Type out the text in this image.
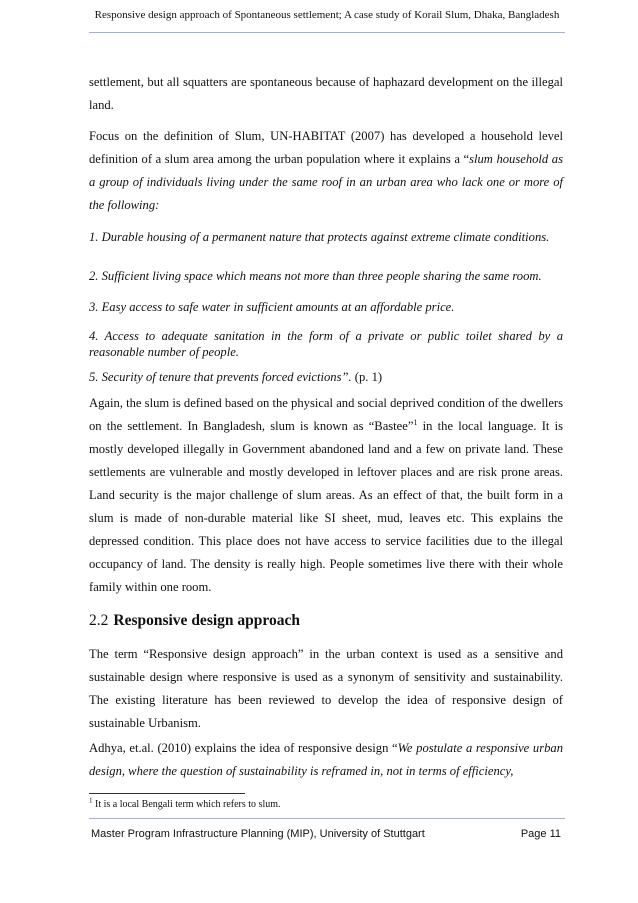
Responsive design approach of Spontaneous settlement; A case study of Korail Slum, Dhaka, Bangladesh

settlement, but all squatters are spontaneous because of haphazard development on the illegal land.

Focus on the definition of Slum, UN-HABITAT (2007) has developed a household level definition of a slum area among the urban population where it explains a “slum household as a group of individuals living under the same roof in an urban area who lack one or more of the following:

1. Durable housing of a permanent nature that protects against extreme climate conditions.

2. Sufficient living space which means not more than three people sharing the same room.

3. Easy access to safe water in sufficient amounts at an affordable price.

4. Access to adequate sanitation in the form of a private or public toilet shared by a reasonable number of people.

5. Security of tenure that prevents forced evictions”. (p. 1)

Again, the slum is defined based on the physical and social deprived condition of the dwellers on the settlement. In Bangladesh, slum is known as “Bastee”$^1$ in the local language. It is mostly developed illegally in Government abandoned land and a few on private land. These settlements are vulnerable and mostly developed in leftover places and are risk prone areas. Land security is the major challenge of slum areas. As an effect of that, the built form in a slum is made of non-durable material like SI sheet, mud, leaves etc. This explains the depressed condition. This place does not have access to service facilities due to the illegal occupancy of land. The density is really high. People sometimes live there with their whole family within one room.

2.2 Responsive design approach

The term “Responsive design approach” in the urban context is used as a sensitive and sustainable design where responsive is used as a synonym of sensitivity and sustainability. The existing literature has been reviewed to develop the idea of responsive design of sustainable Urbanism.

Adhya, et.al. (2010) explains the idea of responsive design “We postulate a responsive urban design, where the question of sustainability is reframed in, not in terms of efficiency,

$^1$ It is a local Bengali term which refers to slum.
Master Program Infrastructure Planning (MIP), University of Stuttgart	Page 11
